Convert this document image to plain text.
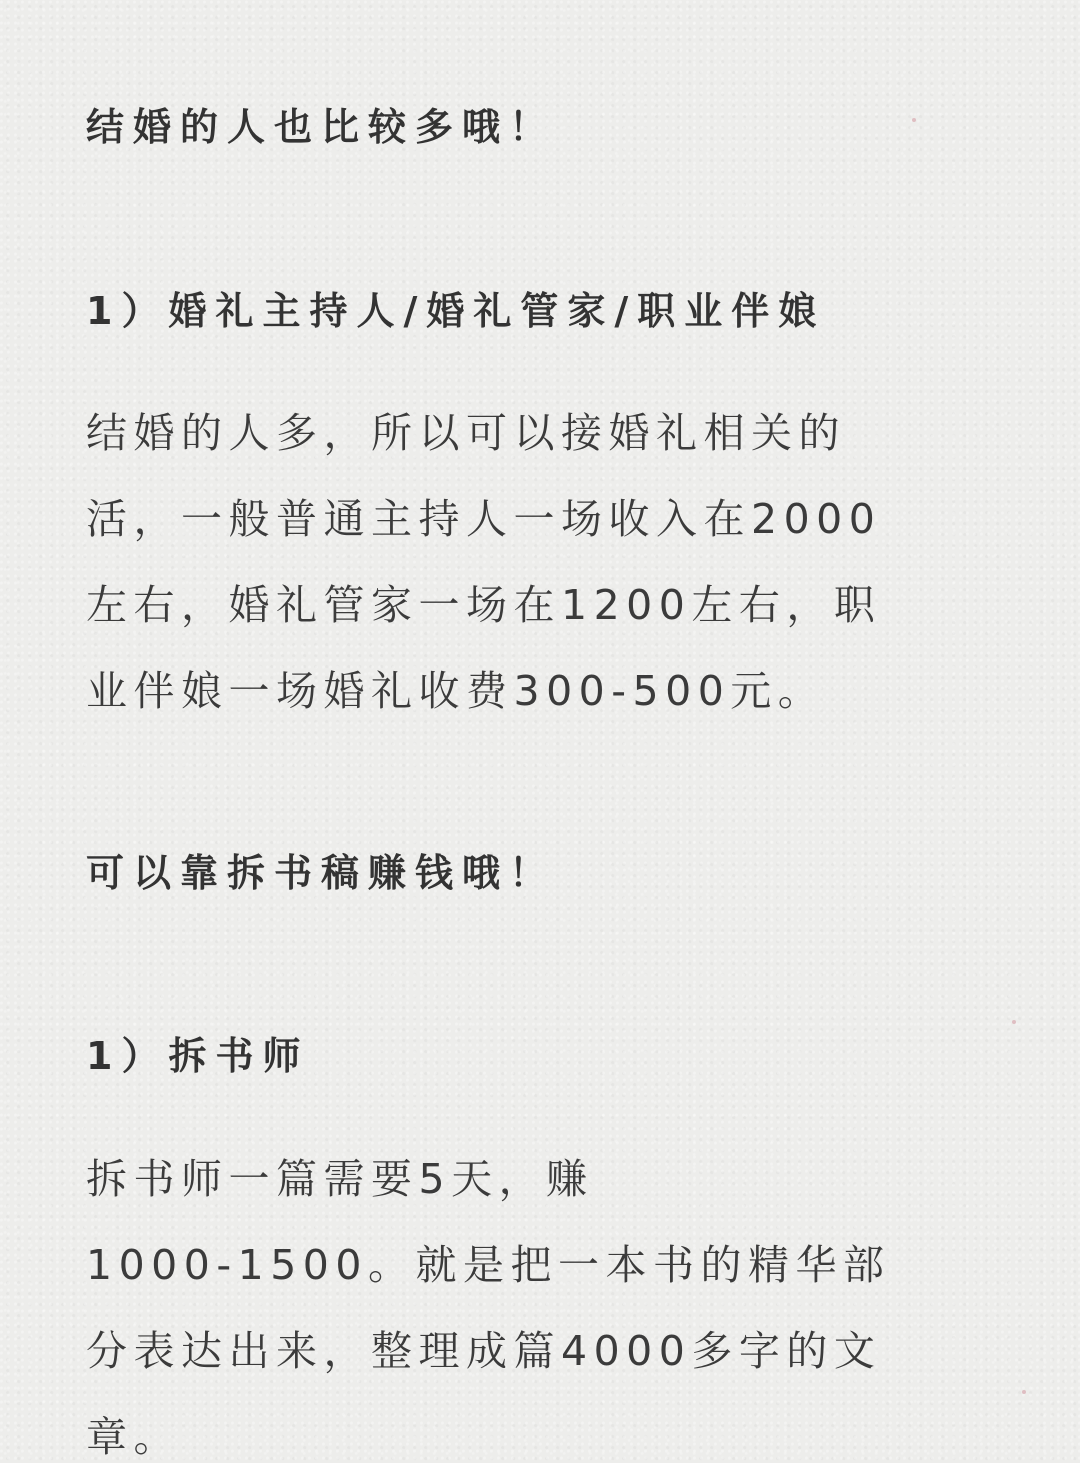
结婚的人也比较多哦！
1）婚礼主持人/婚礼管家/职业伴娘
结婚的人多，所以可以接婚礼相关的
活，一般普通主持人一场收入在2000
左右，婚礼管家一场在1200左右，职
业伴娘一场婚礼收费300-500元。
可以靠拆书稿赚钱哦！
1）拆书师
拆书师一篇需要5天，赚
1000-1500。就是把一本书的精华部
分表达出来，整理成篇4000多字的文
章。
